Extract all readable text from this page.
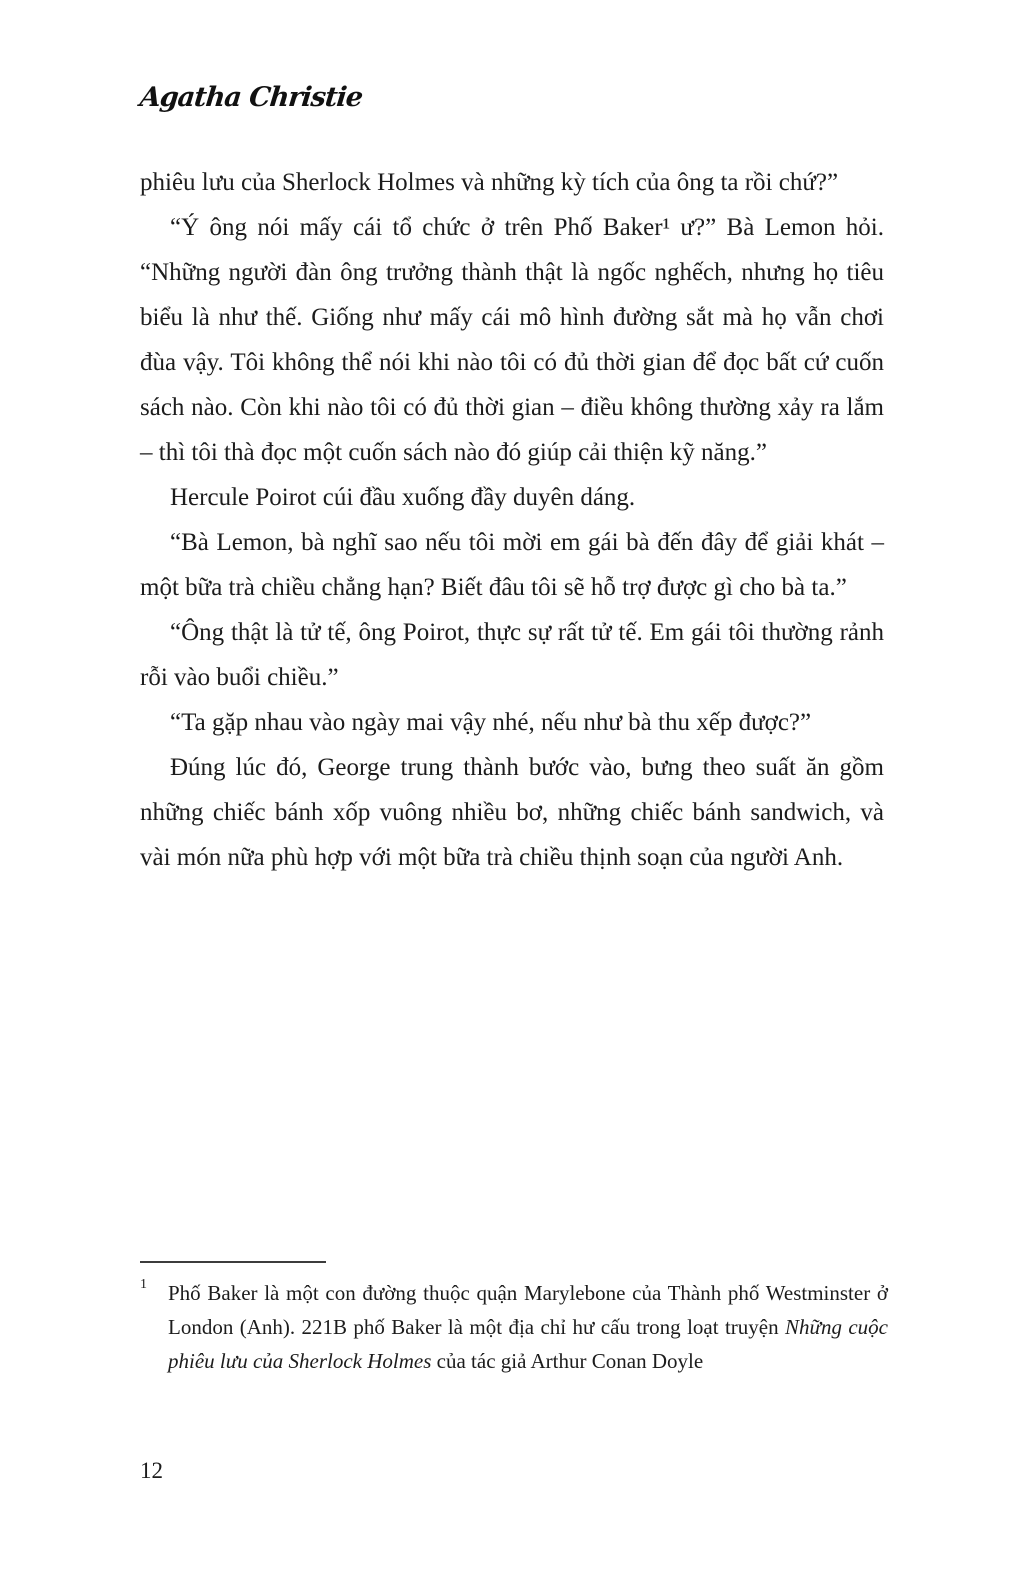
Agatha Christie

phiêu lưu của Sherlock Holmes và những kỳ tích của ông ta rồi chứ?”

“Ý ông nói mấy cái tổ chức ở trên Phố Baker¹ ư?” Bà Lemon hỏi. “Những người đàn ông trưởng thành thật là ngốc nghếch, nhưng họ tiêu biểu là như thế. Giống như mấy cái mô hình đường sắt mà họ vẫn chơi đùa vậy. Tôi không thể nói khi nào tôi có đủ thời gian để đọc bất cứ cuốn sách nào. Còn khi nào tôi có đủ thời gian – điều không thường xảy ra lắm – thì tôi thà đọc một cuốn sách nào đó giúp cải thiện kỹ năng.”

Hercule Poirot cúi đầu xuống đầy duyên dáng.

“Bà Lemon, bà nghĩ sao nếu tôi mời em gái bà đến đây để giải khát – một bữa trà chiều chẳng hạn? Biết đâu tôi sẽ hỗ trợ được gì cho bà ta.”

“Ông thật là tử tế, ông Poirot, thực sự rất tử tế. Em gái tôi thường rảnh rỗi vào buổi chiều.”

“Ta gặp nhau vào ngày mai vậy nhé, nếu như bà thu xếp được?”

Đúng lúc đó, George trung thành bước vào, bưng theo suất ăn gồm những chiếc bánh xốp vuông nhiều bơ, những chiếc bánh sandwich, và vài món nữa phù hợp với một bữa trà chiều thịnh soạn của người Anh.

1 Phố Baker là một con đường thuộc quận Marylebone của Thành phố Westminster ở London (Anh). 221B phố Baker là một địa chỉ hư cấu trong loạt truyện Những cuộc phiêu lưu của Sherlock Holmes của tác giả Arthur Conan Doyle
12
